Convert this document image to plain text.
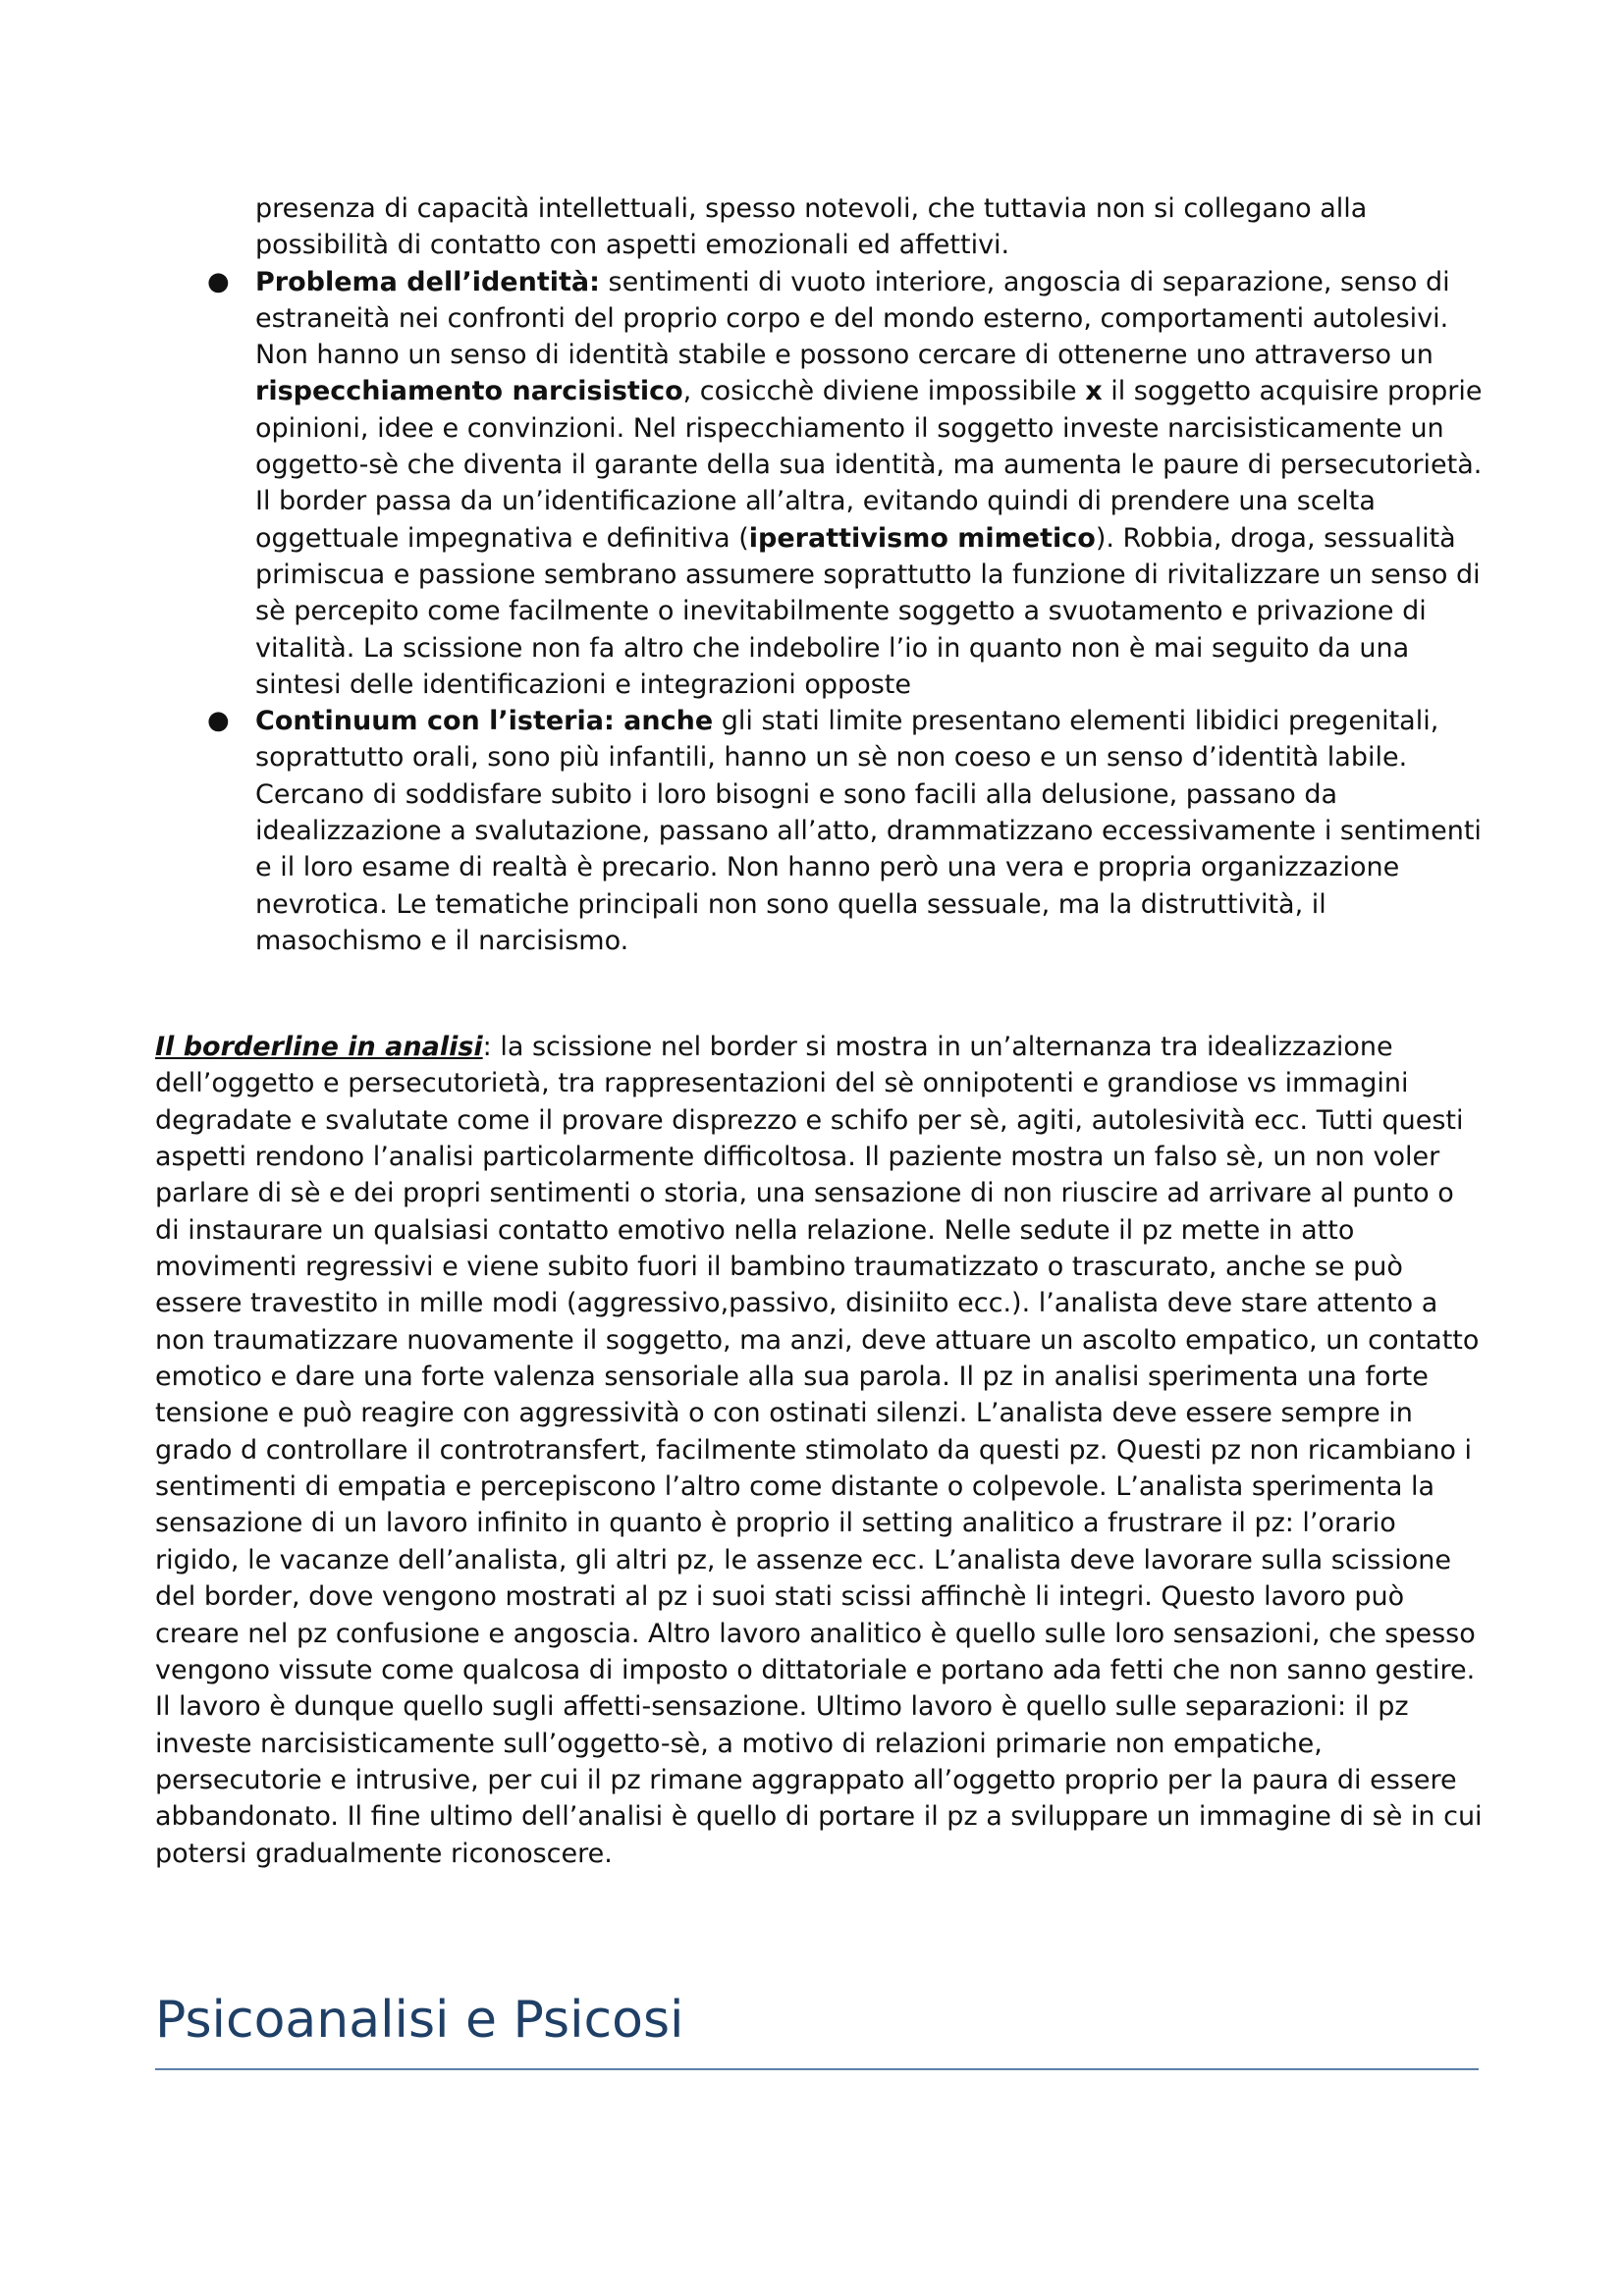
presenza di capacità intellettuali, spesso notevoli, che tuttavia non si collegano alla possibilità di contatto con aspetti emozionali ed affettivi.

● Problema dell’identità: sentimenti di vuoto interiore, angoscia di separazione, senso di estraneità nei confronti del proprio corpo e del mondo esterno, comportamenti autolesivi. Non hanno un senso di identità stabile e possono cercare di ottenerne uno attraverso un rispecchiamento narcisistico, cosicchè diviene impossibile x il soggetto acquisire proprie opinioni, idee e convinzioni. Nel rispecchiamento il soggetto investe narcisisticamente un oggetto-sè che diventa il garante della sua identità, ma aumenta le paure di persecutorietà. Il border passa da un’identificazione all’altra, evitando quindi di prendere una scelta oggettuale impegnativa e definitiva (iperattivismo mimetico). Robbia, droga, sessualità primiscua e passione sembrano assumere soprattutto la funzione di rivitalizzare un senso di sè percepito come facilmente o inevitabilmente soggetto a svuotamento e privazione di vitalità. La scissione non fa altro che indebolire l’io in quanto non è mai seguito da una sintesi delle identificazioni e integrazioni opposte
● Continuum con l’isteria: anche gli stati limite presentano elementi libidici pregenitali, soprattutto orali, sono più infantili, hanno un sè non coeso e un senso d’identità labile. Cercano di soddisfare subito i loro bisogni e sono facili alla delusione, passano da idealizzazione a svalutazione, passano all’atto, drammatizzano eccessivamente i sentimenti e il loro esame di realtà è precario. Non hanno però una vera e propria organizzazione nevrotica. Le tematiche principali non sono quella sessuale, ma la distruttività, il masochismo e il narcisismo.

Il borderline in analisi: la scissione nel border si mostra in un’alternanza tra idealizzazione dell’oggetto e persecutorietà, tra rappresentazioni del sè onnipotenti e grandiose vs immagini degradate e svalutate come il provare disprezzo e schifo per sè, agiti, autolesività ecc. Tutti questi aspetti rendono l’analisi particolarmente difficoltosa. Il paziente mostra un falso sè, un non voler parlare di sè e dei propri sentimenti o storia, una sensazione di non riuscire ad arrivare al punto o di instaurare un qualsiasi contatto emotivo nella relazione. Nelle sedute il pz mette in atto movimenti regressivi e viene subito fuori il bambino traumatizzato o trascurato, anche se può essere travestito in mille modi (aggressivo,passivo, disiniito ecc.). l’analista deve stare attento a non traumatizzare nuovamente il soggetto, ma anzi, deve attuare un ascolto empatico, un contatto emotico e dare una forte valenza sensoriale alla sua parola. Il pz in analisi sperimenta una forte tensione e può reagire con aggressività o con ostinati silenzi. L’analista deve essere sempre in grado d controllare il controtransfert, facilmente stimolato da questi pz. Questi pz non ricambiano i sentimenti di empatia e percepiscono l’altro come distante o colpevole. L’analista sperimenta la sensazione di un lavoro infinito in quanto è proprio il setting analitico a frustrare il pz: l’orario rigido, le vacanze dell’analista, gli altri pz, le assenze ecc. L’analista deve lavorare sulla scissione del border, dove vengono mostrati al pz i suoi stati scissi affinchè li integri. Questo lavoro può creare nel pz confusione e angoscia. Altro lavoro analitico è quello sulle loro sensazioni, che spesso vengono vissute come qualcosa di imposto o dittatoriale e portano ada fetti che non sanno gestire. Il lavoro è dunque quello sugli affetti-sensazione. Ultimo lavoro è quello sulle separazioni: il pz investe narcisisticamente sull’oggetto-sè, a motivo di relazioni primarie non empatiche, persecutorie e intrusive, per cui il pz rimane aggrappato all’oggetto proprio per la paura di essere abbandonato. Il fine ultimo dell’analisi è quello di portare il pz a sviluppare un immagine di sè in cui potersi gradualmente riconoscere.

Psicoanalisi e Psicosi
